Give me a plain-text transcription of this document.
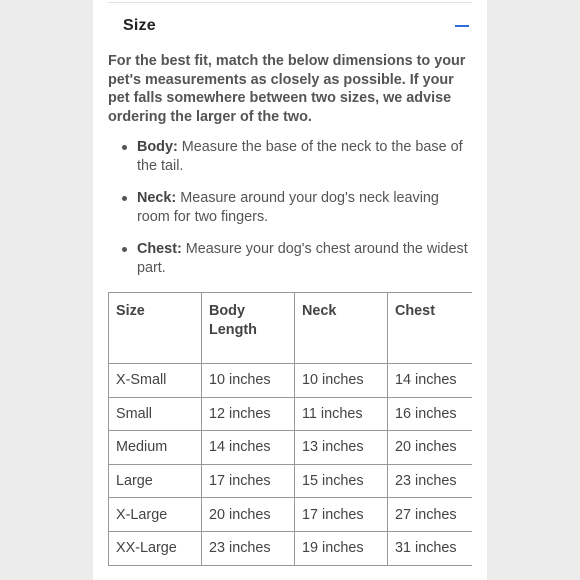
Size

For the best fit, match the below dimensions to your pet's measurements as closely as possible. If your pet falls somewhere between two sizes, we advise ordering the larger of the two.

Body: Measure the base of the neck to the base of the tail.
Neck: Measure around your dog's neck leaving room for two fingers.
Chest: Measure your dog's chest around the widest part.
Size	Body Length	Neck	Chest
X-Small	10 inches	10 inches	14 inches
Small	12 inches	11 inches	16 inches
Medium	14 inches	13 inches	20 inches
Large	17 inches	15 inches	23 inches
X-Large	20 inches	17 inches	27 inches
XX-Large	23 inches	19 inches	31 inches
